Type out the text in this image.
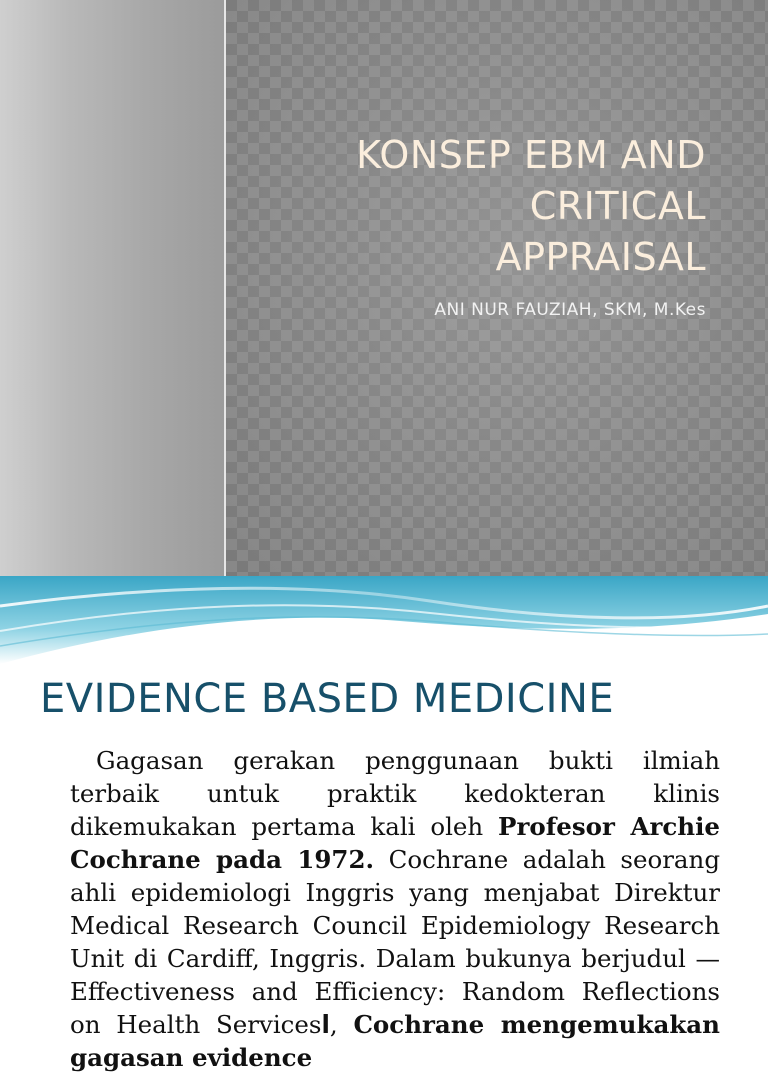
KONSEP EBM AND
CRITICAL
APPRAISAL
ANI NUR FAUZIAH, SKM, M.Kes
EVIDENCE BASED MEDICINE

Gagasan gerakan penggunaan bukti ilmiah terbaik untuk praktik kedokteran klinis dikemukakan pertama kali oleh Profesor Archie Cochrane pada 1972. Cochrane adalah seorang ahli epidemiologi Inggris yang menjabat Direktur Medical Research Council Epidemiology Research Unit di Cardiff, Inggris. Dalam bukunya berjudul —Effectiveness and Efficiency: Random Reflections on Health Servicesl, Cochrane mengemukakan gagasan evidence
